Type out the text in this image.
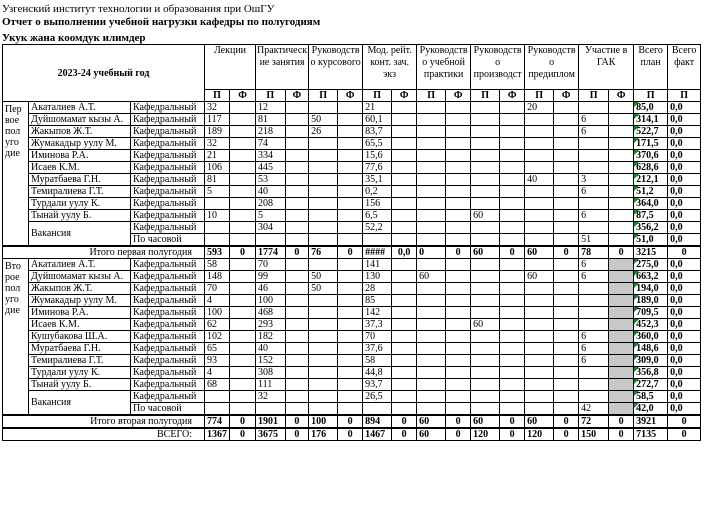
Узгенский институт технологии и образования при ОшГУ
Отчет о выполнении учебной нагрузки кафедры по полугодиям
Укук жана коомдук илимдер
2023-24 учебный год			Лекции		Практическ ие занятия		Руководств о курсового		Мод. рейт. конт. зач. экз		Руководств о учебной практики		Руководств о производст		Руководств о предиплом		Участие в ГАК		Всего план	Всего факт
			П	Ф	П	Ф	П	Ф	П	Ф	П	Ф	П	Ф	П	Ф	П	Ф	П	П
Пер вое пол уго дие	Акаталиев А.Т.	Кафедральный	32		12				21						20				85,0	0,0
	Дуйшомамат кызы А.	Кафедральный	117		81		50		60,1								6		314,1	0,0
	Жакыпов Ж.Т.	Кафедральный	189		218		26		83,7								6		522,7	0,0
	Жумакадыр уулу М.	Кафедральный	32		74				65,5										171,5	0,0
	Иминова Р.А.	Кафедральный	21		334				15,6										370,6	0,0
	Исаев К.М.	Кафедральный	106		445				77,6										628,6	0,0
	Муратбаева Г.Н.	Кафедральный	81		53				35,1						40		3		212,1	0,0
	Темиралиева Г.Т.	Кафедральный	5		40				0,2								6		51,2	0,0
	Турдали уулу К.	Кафедральный			208				156										364,0	0,0
	Тынай уулу Б.	Кафедральный	10		5				6,5				60				6		87,5	0,0
	Вакансия	Кафедральный			304				52,2										356,2	0,0
		По часовой															51		51,0	0,0
Итого первая полугодия			593	0	1774	0	76	0	####	0,0	0	0	60	0	60	0	78	0	3215	0
Вто рое пол уго дие	Акаталиев А.Т.	Кафедральный	58		70				141								6		275,0	0,0
	Дуйшомамат кызы А.	Кафедральный	148		99		50		130		60				60		6		663,2	0,0
	Жакыпов Ж.Т.	Кафедральный	70		46		50		28										194,0	0,0
	Жумакадыр уулу М.	Кафедральный	4		100				85										189,0	0,0
	Иминова Р.А.	Кафедральный	100		468				142										709,5	0,0
	Исаев К.М.	Кафедральный	62		293				37,3				60						452,3	0,0
	Кушубакова Ш.А.	Кафедральный	102		182				70								6		360,0	0,0
	Муратбаева Г.Н.	Кафедральный	65		40				37,6								6		148,6	0,0
	Темиралиева Г.Т.	Кафедральный	93		152				58								6		309,0	0,0
	Турдали уулу К.	Кафедральный	4		308				44,8										356,8	0,0
	Тынай уулу Б.	Кафедральный	68		111				93,7										272,7	0,0
	Вакансия	Кафедральный			32				26,5										58,5	0,0
		По часовой															42		42,0	0,0
Итого вторая полугодия			774	0	1901	0	100	0	894	0	60	0	60	0	60	0	72	0	3921	0
ВСЕГО:			1367	0	3675	0	176	0	1467	0	60	0	120	0	120	0	150	0	7135	0
